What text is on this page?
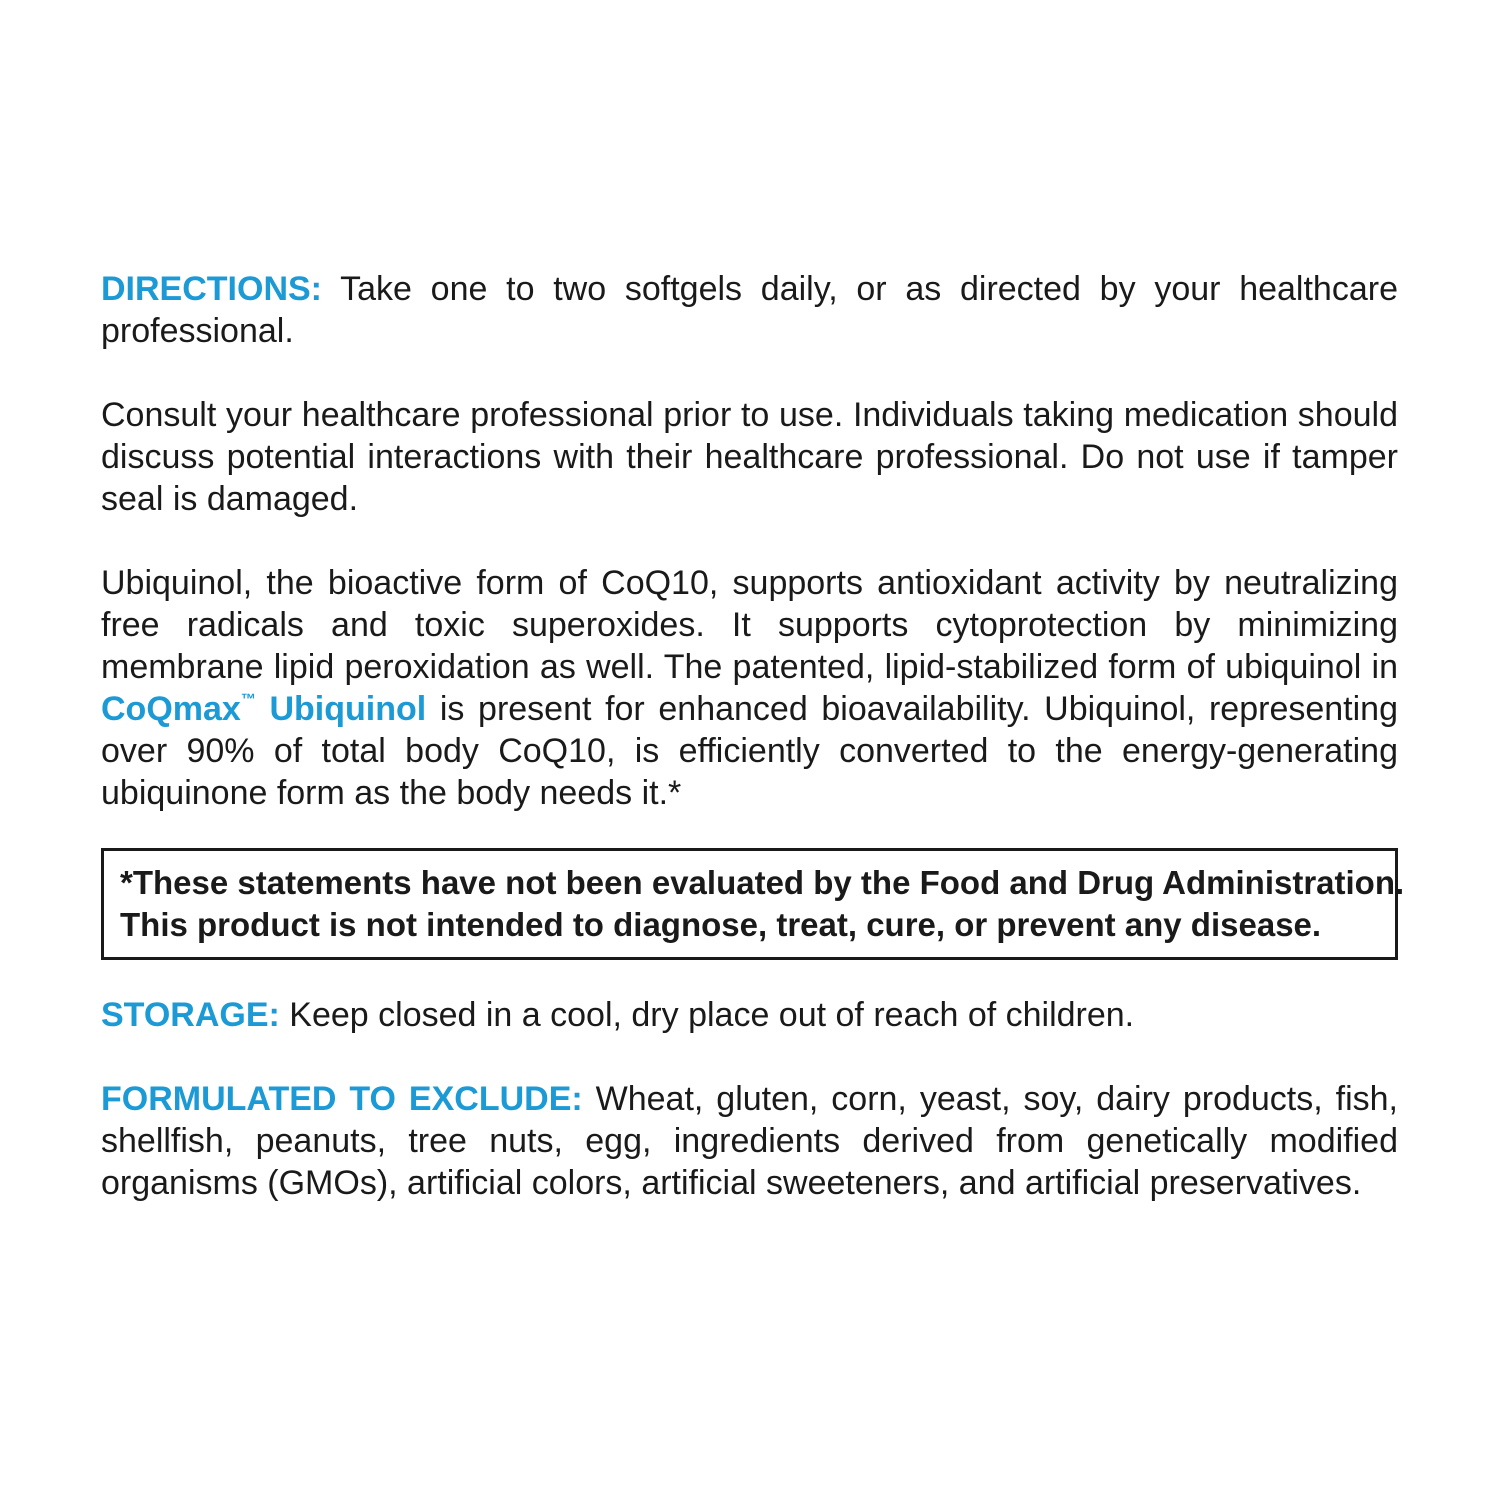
DIRECTIONS: Take one to two softgels daily, or as directed by your healthcare professional.

Consult your healthcare professional prior to use. Individuals taking medication should discuss potential interactions with their healthcare professional. Do not use if tamper seal is damaged.

Ubiquinol, the bioactive form of CoQ10, supports antioxidant activity by neutralizing free radicals and toxic superoxides. It supports cytoprotection by minimizing membrane lipid peroxidation as well. The patented, lipid-stabilized form of ubiquinol in CoQmax™ Ubiquinol is present for enhanced bioavailability. Ubiquinol, representing over 90% of total body CoQ10, is efficiently converted to the energy-generating ubiquinone form as the body needs it.*

*These statements have not been evaluated by the Food and Drug Administration.
This product is not intended to diagnose, treat, cure, or prevent any disease.

STORAGE: Keep closed in a cool, dry place out of reach of children.

FORMULATED TO EXCLUDE: Wheat, gluten, corn, yeast, soy, dairy products, fish, shellfish, peanuts, tree nuts, egg, ingredients derived from genetically modified organisms (GMOs), artificial colors, artificial sweeteners, and artificial preservatives.
